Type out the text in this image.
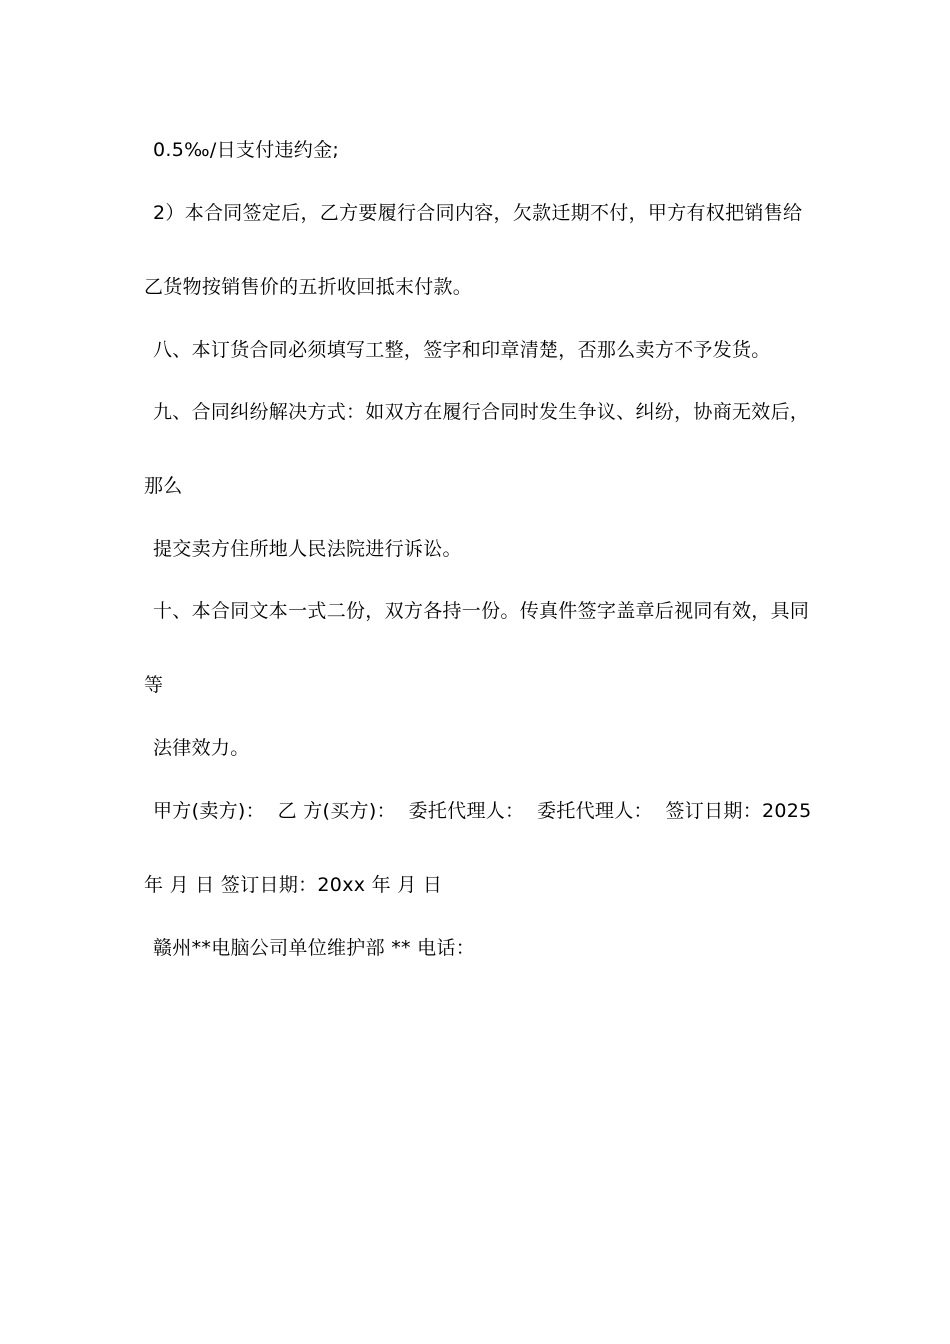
0.5‰/日支付违约金;
2）本合同签定后，乙方要履行合同内容，欠款迁期不付，甲方有权把销售给
乙货物按销售价的五折收回抵末付款。
八、本订货合同必须填写工整，签字和印章清楚，否那么卖方不予发货。
九、合同纠纷解决方式：如双方在履行合同时发生争议、纠纷，协商无效后，
那么
提交卖方住所地人民法院进行诉讼。
十、本合同文本一式二份，双方各持一份。传真件签字盖章后视同有效，具同
等
法律效力。
甲方(卖方)：  乙 方(买方)：  委托代理人：  委托代理人：  签订日期：2025
年 月 日 签订日期：20xx 年 月 日
赣州**电脑公司单位维护部 ** 电话：
